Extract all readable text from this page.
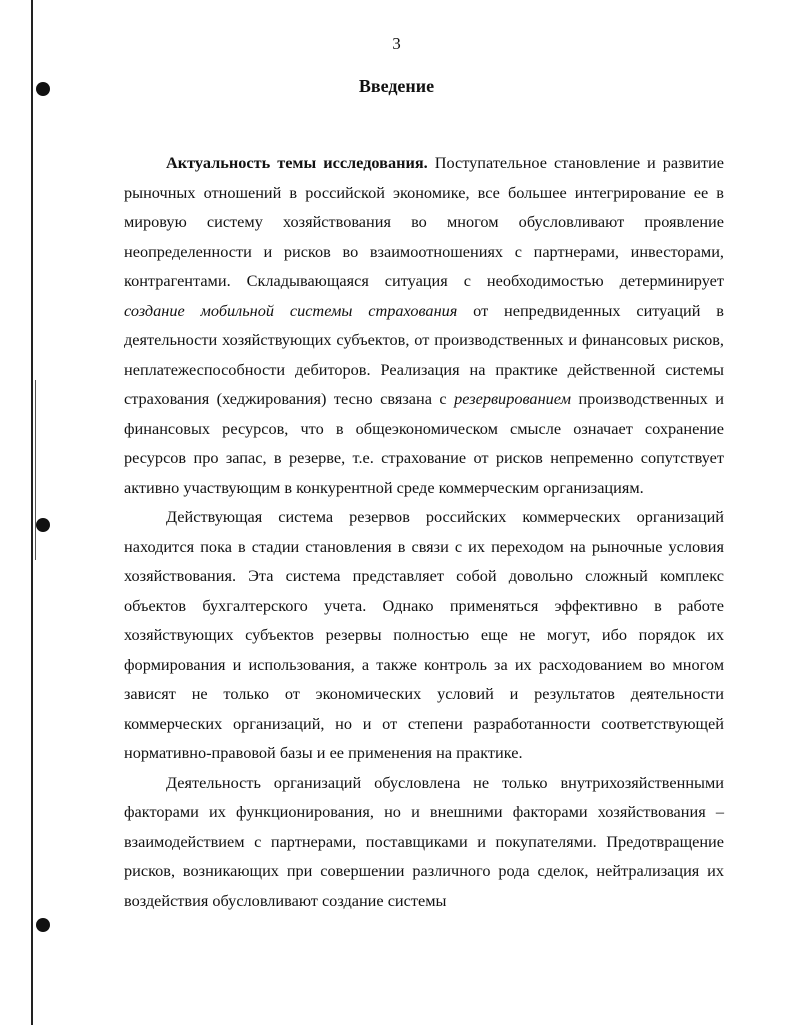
3
Введение

Актуальность темы исследования. Поступательное становление и развитие рыночных отношений в российской экономике, все большее интегрирование ее в мировую систему хозяйствования во многом обусловливают проявление неопределенности и рисков во взаимоотношениях с партнерами, инвесторами, контрагентами. Складывающаяся ситуация с необходимостью детерминирует создание мобильной системы страхования от непредвиденных ситуаций в деятельности хозяйствующих субъектов, от производственных и финансовых рисков, неплатежеспособности дебиторов. Реализация на практике действенной системы страхования (хеджирования) тесно связана с резервированием производственных и финансовых ресурсов, что в общеэкономическом смысле означает сохранение ресурсов про запас, в резерве, т.е. страхование от рисков непременно сопутствует активно участвующим в конкурентной среде коммерческим организациям.

Действующая система резервов российских коммерческих организаций находится пока в стадии становления в связи с их переходом на рыночные условия хозяйствования. Эта система представляет собой довольно сложный комплекс объектов бухгалтерского учета. Однако применяться эффективно в работе хозяйствующих субъектов резервы полностью еще не могут, ибо порядок их формирования и использования, а также контроль за их расходованием во многом зависят не только от экономических условий и результатов деятельности коммерческих организаций, но и от степени разработанности соответствующей нормативно-правовой базы и ее применения на практике.

Деятельность организаций обусловлена не только внутрихозяйственными факторами их функционирования, но и внешними факторами хозяйствования – взаимодействием с партнерами, поставщиками и покупателями. Предотвращение рисков, возникающих при совершении различного рода сделок, нейтрализация их воздействия обусловливают создание системы
